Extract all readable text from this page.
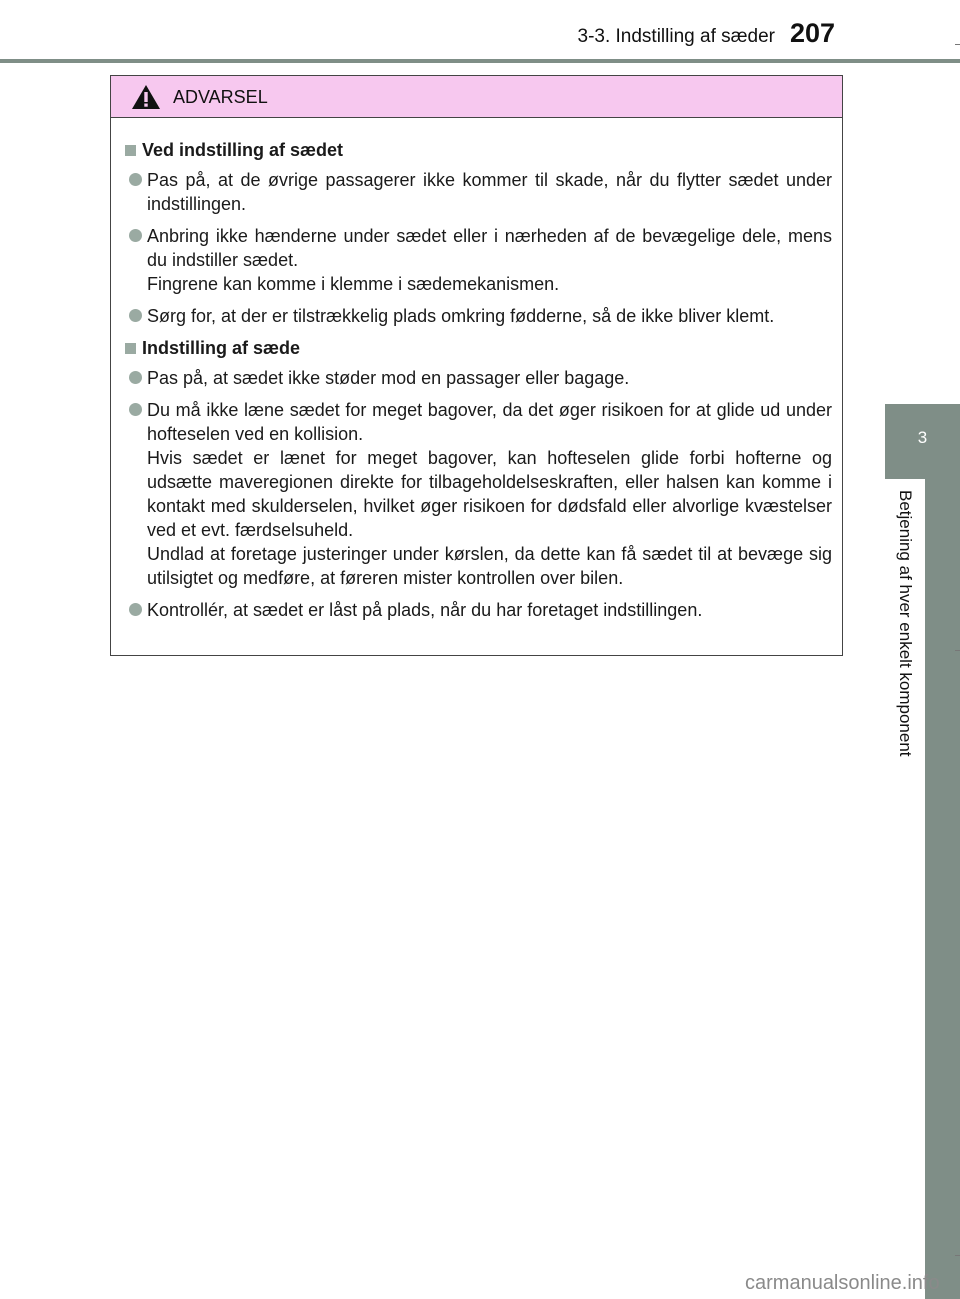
3-3. Indstilling af sæder 207
3
Betjening af hver enkelt komponent
ADVARSEL
Ved indstilling af sædet

Pas på, at de øvrige passagerer ikke kommer til skade, når du flytter sædet under indstillingen.

Anbring ikke hænderne under sædet eller i nærheden af de bevægelige dele, mens du indstiller sædet.

Fingrene kan komme i klemme i sædemekanismen.

Sørg for, at der er tilstrækkelig plads omkring fødderne, så de ikke bliver klemt.

Indstilling af sæde

Pas på, at sædet ikke støder mod en passager eller bagage.

Du må ikke læne sædet for meget bagover, da det øger risikoen for at glide ud under hofteselen ved en kollision.

Hvis sædet er lænet for meget bagover, kan hofteselen glide forbi hofterne og udsætte maveregionen direkte for tilbageholdelseskraften, eller halsen kan komme i kontakt med skulderselen, hvilket øger risikoen for dødsfald eller alvorlige kvæstelser ved et evt. færdselsuheld.

Undlad at foretage justeringer under kørslen, da dette kan få sædet til at bevæge sig utilsigtet og medføre, at føreren mister kontrollen over bilen.

Kontrollér, at sædet er låst på plads, når du har foretaget indstillingen.

carmanualsonline.info
